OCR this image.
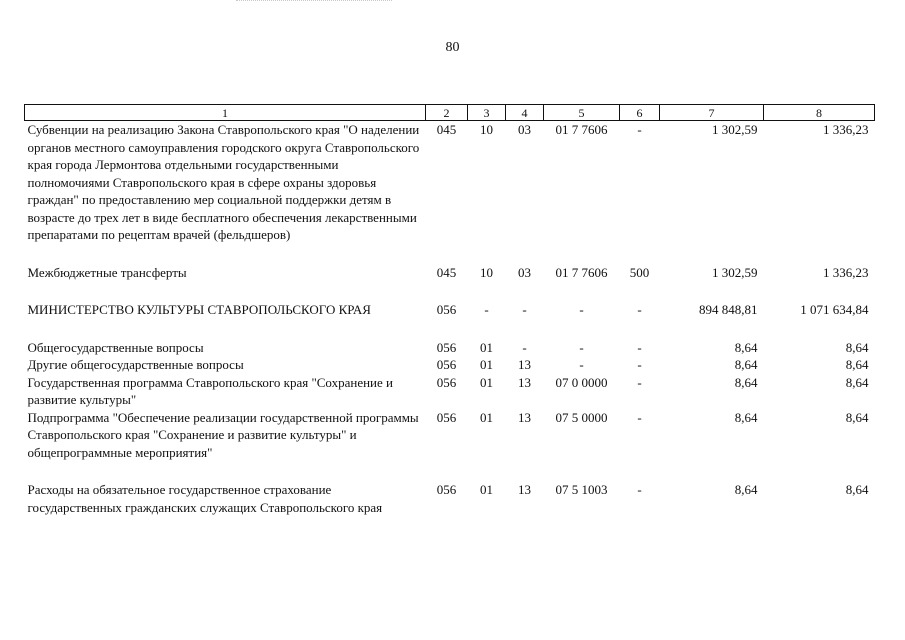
80
1	2	3	4	5	6	7	8
Субвенции на реализацию Закона Ставропольского края "О наделении органов местного самоуправления городского округа Ставропольского края города Лермонтова отдельными государственными полномочиями Ставропольского края в сфере охраны здоровья граждан" по предоставлению мер социальной поддержки детям в возрасте до трех лет в виде бесплатного обеспечения лекарственными препаратами по рецептам врачей (фельдшеров)	045	10	03	01 7 7606	-	1 302,59	1 336,23

Межбюджетные трансферты	045	10	03	01 7 7606	500	1 302,59	1 336,23

МИНИСТЕРСТВО КУЛЬТУРЫ СТАВРОПОЛЬСКОГО КРАЯ	056	-	-	-	-	894 848,81	1 071 634,84

Общегосударственные вопросы	056	01	-	-	-	8,64	8,64
Другие общегосударственные вопросы	056	01	13	-	-	8,64	8,64
Государственная программа Ставропольского края "Сохранение и развитие культуры"	056	01	13	07 0 0000	-	8,64	8,64
Подпрограмма "Обеспечение реализации государственной программы Ставропольского края "Сохранение и развитие культуры" и общепрограммные мероприятия"	056	01	13	07 5 0000	-	8,64	8,64

Расходы на обязательное государственное страхование государственных гражданских служащих Ставропольского края	056	01	13	07 5 1003	-	8,64	8,64
